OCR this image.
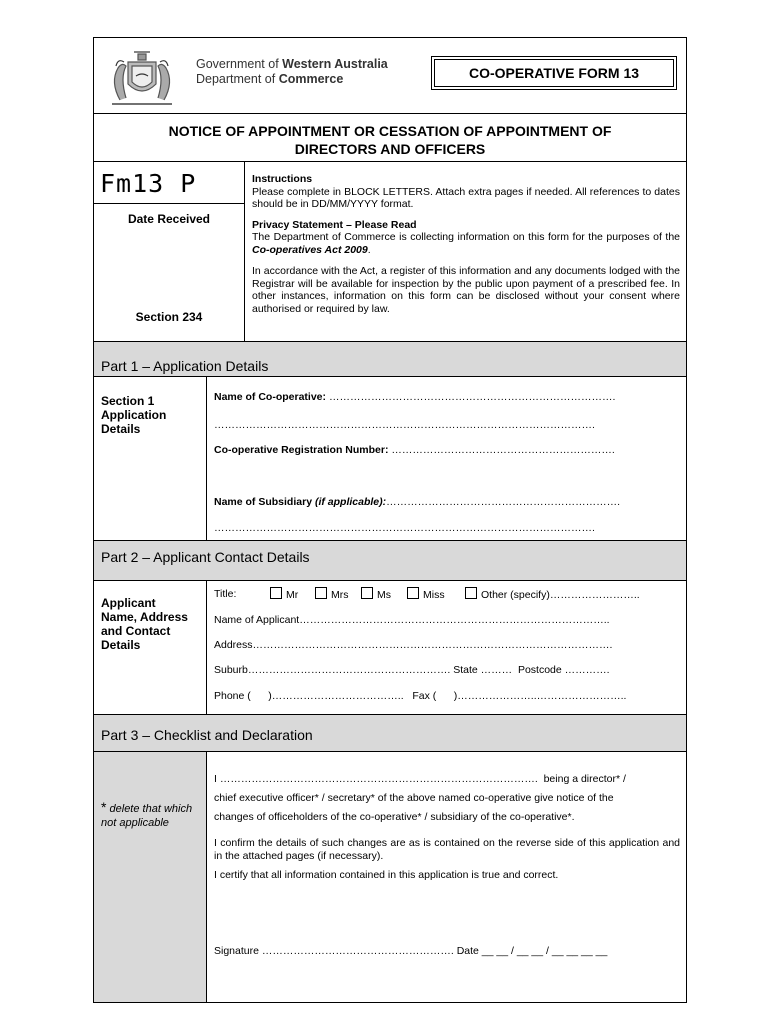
Government of Western Australia
Department of Commerce	CO-OPERATIVE FORM 13
NOTICE OF APPOINTMENT OR CESSATION OF APPOINTMENT OF
DIRECTORS AND OFFICERS
Fm13 P
Date Received
Section 234
Instructions
Please complete in BLOCK LETTERS. Attach extra pages if needed. All references to dates should be in DD/MM/YYYY format.
Privacy Statement – Please Read
The Department of Commerce is collecting information on this form for the purposes of the Co-operatives Act 2009.
In accordance with the Act, a register of this information and any documents lodged with the Registrar will be available for inspection by the public upon payment of a prescribed fee. In other instances, information on this form can be disclosed without your consent where authorised or required by law.
Part 1 – Application Details
Section 1
Application
Details
Name of Co-operative: ……………………………………………………………………….
……………………………………………………………………………………………….
Co-operative Registration Number: ……………………………………………………….
Name of Subsidiary (if applicable):………………………………………………………….
……………………………………………………………………………………………….
Part 2 – Applicant Contact Details
Applicant
Name, Address
and Contact
Details
Title:	Mr	Mrs	Ms	Miss	Other (specify)……………………..
Name of Applicant……………………………………………………………………………..
Address………………………………………………………………………………………….
Suburb…………………………………………………. State ………  Postcode ………….
Phone (      )………………………………..   Fax (      )…………………..……………………..
Part 3 – Checklist and Declaration
* delete that which
not applicable
I ……………………………………………………………………………….  being a director* /
chief executive officer* / secretary* of the above named co-operative give notice of the
changes of officeholders of the co-operative* / subsidiary of the co-operative*.
I confirm the details of such changes are as is contained on the reverse side of this application and in the attached pages (if necessary).
I certify that all information contained in this application is true and correct.
Signature ………………………………………………. Date __ __ / __ __ / __ __ __ __
